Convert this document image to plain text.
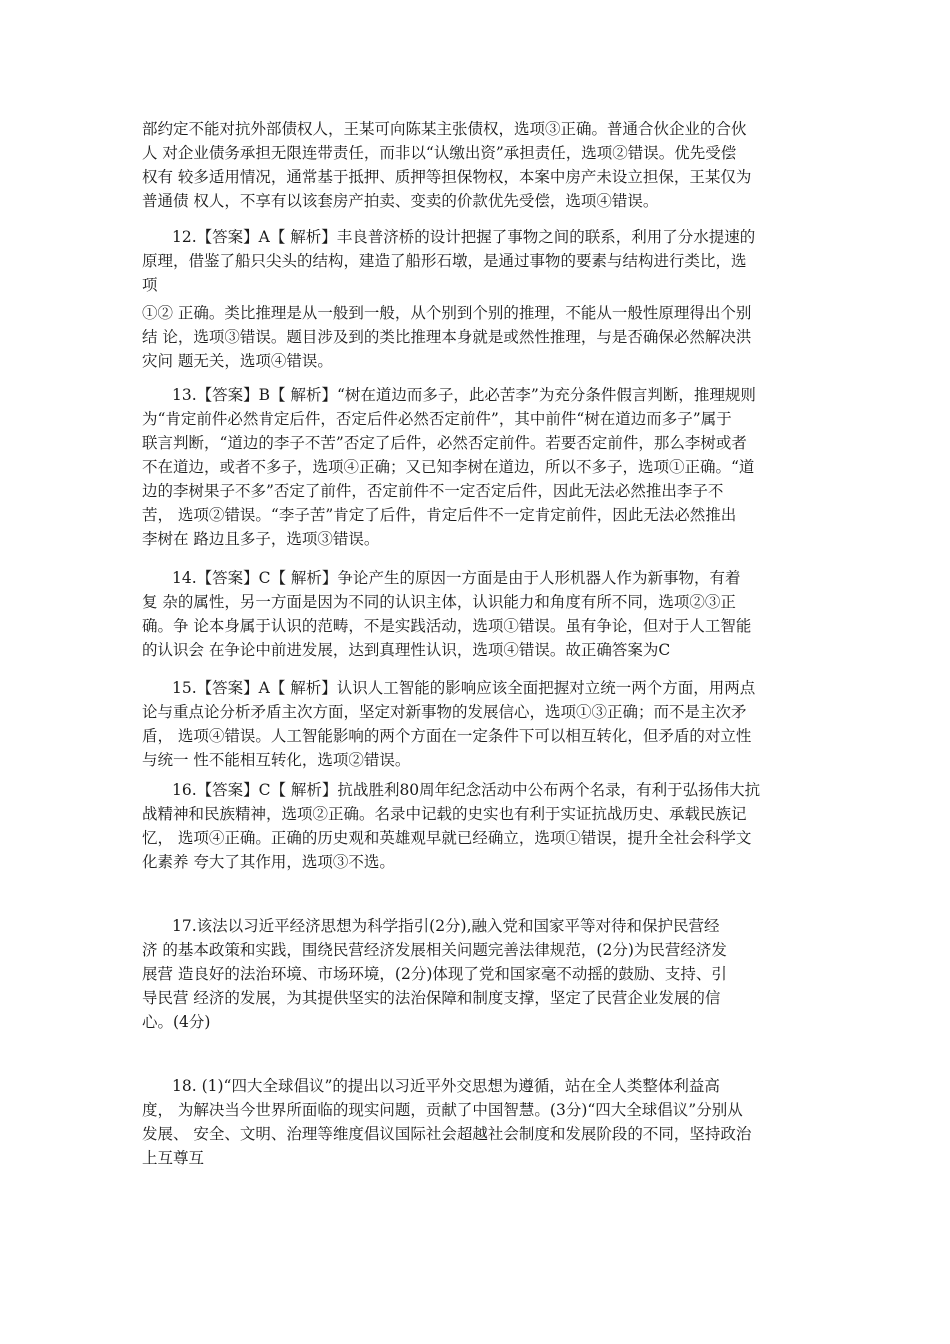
部约定不能对抗外部债权人，王某可向陈某主张债权，选项③正确。普通合伙企业的合伙
人 对企业债务承担无限连带责任，而非以“认缴出资”承担责任，选项②错误。优先受偿
权有 较多适用情况，通常基于抵押、质押等担保物权，本案中房产未设立担保，王某仅为
普通债 权人，不享有以该套房产拍卖、变卖的价款优先受偿，选项④错误。
12.【答案】A【 解析】丰良普济桥的设计把握了事物之间的联系，利用了分水提速的
原理，借鉴了船只尖头的结构，建造了船形石墩，是通过事物的要素与结构进行类比，选
项
①② 正确。类比推理是从一般到一般，从个别到个别的推理，不能从一般性原理得出个别
结 论，选项③错误。题目涉及到的类比推理本身就是或然性推理，与是否确保必然解决洪
灾问 题无关，选项④错误。
13.【答案】B【 解析】“树在道边而多子，此必苦李”为充分条件假言判断，推理规则
为“肯定前件必然肯定后件，否定后件必然否定前件”，其中前件“树在道边而多子”属于
联言判断，“道边的李子不苦”否定了后件，必然否定前件。若要否定前件，那么李树或者
不在道边，或者不多子，选项④正确；又已知李树在道边，所以不多子，选项①正确。“道
边的李树果子不多”否定了前件，否定前件不一定否定后件，因此无法必然推出李子不
苦， 选项②错误。“李子苦”肯定了后件，肯定后件不一定肯定前件，因此无法必然推出
李树在 路边且多子，选项③错误。
14.【答案】C【 解析】争论产生的原因一方面是由于人形机器人作为新事物，有着
复 杂的属性，另一方面是因为不同的认识主体，认识能力和角度有所不同，选项②③正
确。争 论本身属于认识的范畴，不是实践活动，选项①错误。虽有争论，但对于人工智能
的认识会 在争论中前进发展，达到真理性认识，选项④错误。故正确答案为C
15.【答案】A【 解析】认识人工智能的影响应该全面把握对立统一两个方面，用两点
论与重点论分析矛盾主次方面，坚定对新事物的发展信心，选项①③正确；而不是主次矛
盾， 选项④错误。人工智能影响的两个方面在一定条件下可以相互转化，但矛盾的对立性
与统一 性不能相互转化，选项②错误。
16.【答案】C【 解析】抗战胜利80周年纪念活动中公布两个名录，有利于弘扬伟大抗
战精神和民族精神，选项②正确。名录中记载的史实也有利于实证抗战历史、承载民族记
忆， 选项④正确。正确的历史观和英雄观早就已经确立，选项①错误，提升全社会科学文
化素养 夸大了其作用，选项③不选。
17.该法以习近平经济思想为科学指引(2分),融入党和国家平等对待和保护民营经
济 的基本政策和实践，围绕民营经济发展相关问题完善法律规范，(2分)为民营经济发
展营 造良好的法治环境、市场环境，(2分)体现了党和国家毫不动摇的鼓励、支持、引
导民营 经济的发展，为其提供坚实的法治保障和制度支撑，坚定了民营企业发展的信
心。(4分)
18. (1)“四大全球倡议”的提出以习近平外交思想为遵循，站在全人类整体利益高
度， 为解决当今世界所面临的现实问题，贡献了中国智慧。(3分)“四大全球倡议”分别从
发展、 安全、文明、治理等维度倡议国际社会超越社会制度和发展阶段的不同，坚持政治
上互尊互
